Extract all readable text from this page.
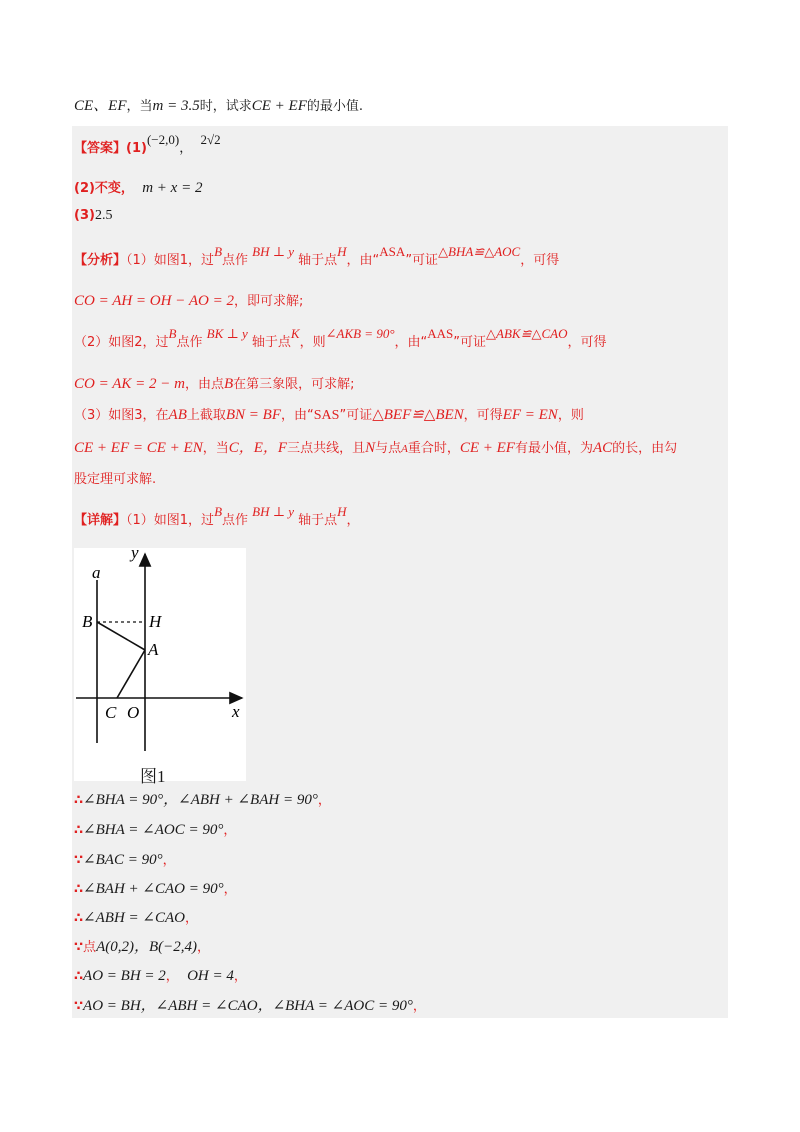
CE、EF，当m = 3.5时，试求CE + EF的最小值.
【答案】(1)(−2,0)，  2√2
(2)不变， m + x = 2
(3)2.5
【分析】（1）如图1，过B点作 BH ⊥ y 轴于点H，由“ASA”可证△BHA≌△AOC，可得
CO = AH = OH − AO = 2，即可求解;
（2）如图2，过B点作 BK ⊥ y 轴于点K，则∠AKB = 90°，由“AAS”可证△ABK≌△CAO，可得
CO = AK = 2 − m，由点B在第三象限，可求解;
（3）如图3，在AB上截取BN = BF，由“SAS”可证△BEF≌△BEN，可得EF = EN，则
CE + EF = CE + EN，当C，E，F三点共线，且N与点A重合时，CE + EF有最小值，为AC的长，由勾
股定理可求解.
【详解】（1）如图1，过B点作 BH ⊥ y 轴于点H，
y
a
B	H
A
C O	x
图1
∴∠BHA = 90°，∠ABH + ∠BAH = 90°，
∴∠BHA = ∠AOC = 90°，
∵∠BAC = 90°，
∴∠BAH + ∠CAO = 90°，
∴∠ABH = ∠CAO，
∵点A(0,2)，B(−2,4)，
∴AO = BH = 2， OH = 4，
∵AO = BH，∠ABH = ∠CAO，∠BHA = ∠AOC = 90°，
